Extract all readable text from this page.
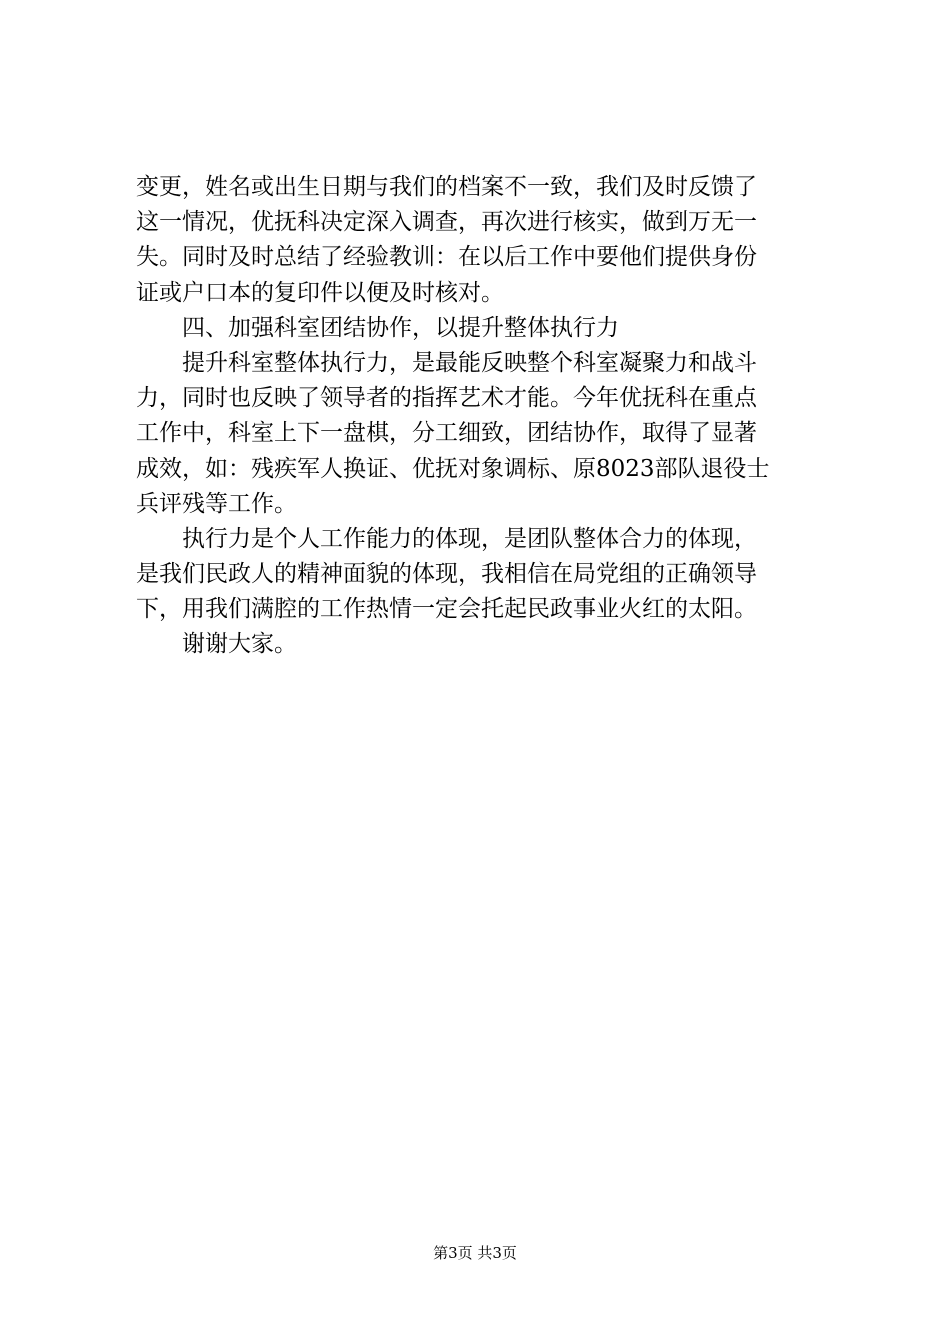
变更，姓名或出生日期与我们的档案不一致，我们及时反馈了
这一情况，优抚科决定深入调查，再次进行核实，做到万无一
失。同时及时总结了经验教训：在以后工作中要他们提供身份
证或户口本的复印件以便及时核对。
四、加强科室团结协作，以提升整体执行力
提升科室整体执行力，是最能反映整个科室凝聚力和战斗
力，同时也反映了领导者的指挥艺术才能。今年优抚科在重点
工作中，科室上下一盘棋，分工细致，团结协作，取得了显著
成效，如：残疾军人换证、优抚对象调标、原8023部队退役士
兵评残等工作。
执行力是个人工作能力的体现，是团队整体合力的体现，
是我们民政人的精神面貌的体现，我相信在局党组的正确领导
下，用我们满腔的工作热情一定会托起民政事业火红的太阳。
谢谢大家。
第3页 共3页
